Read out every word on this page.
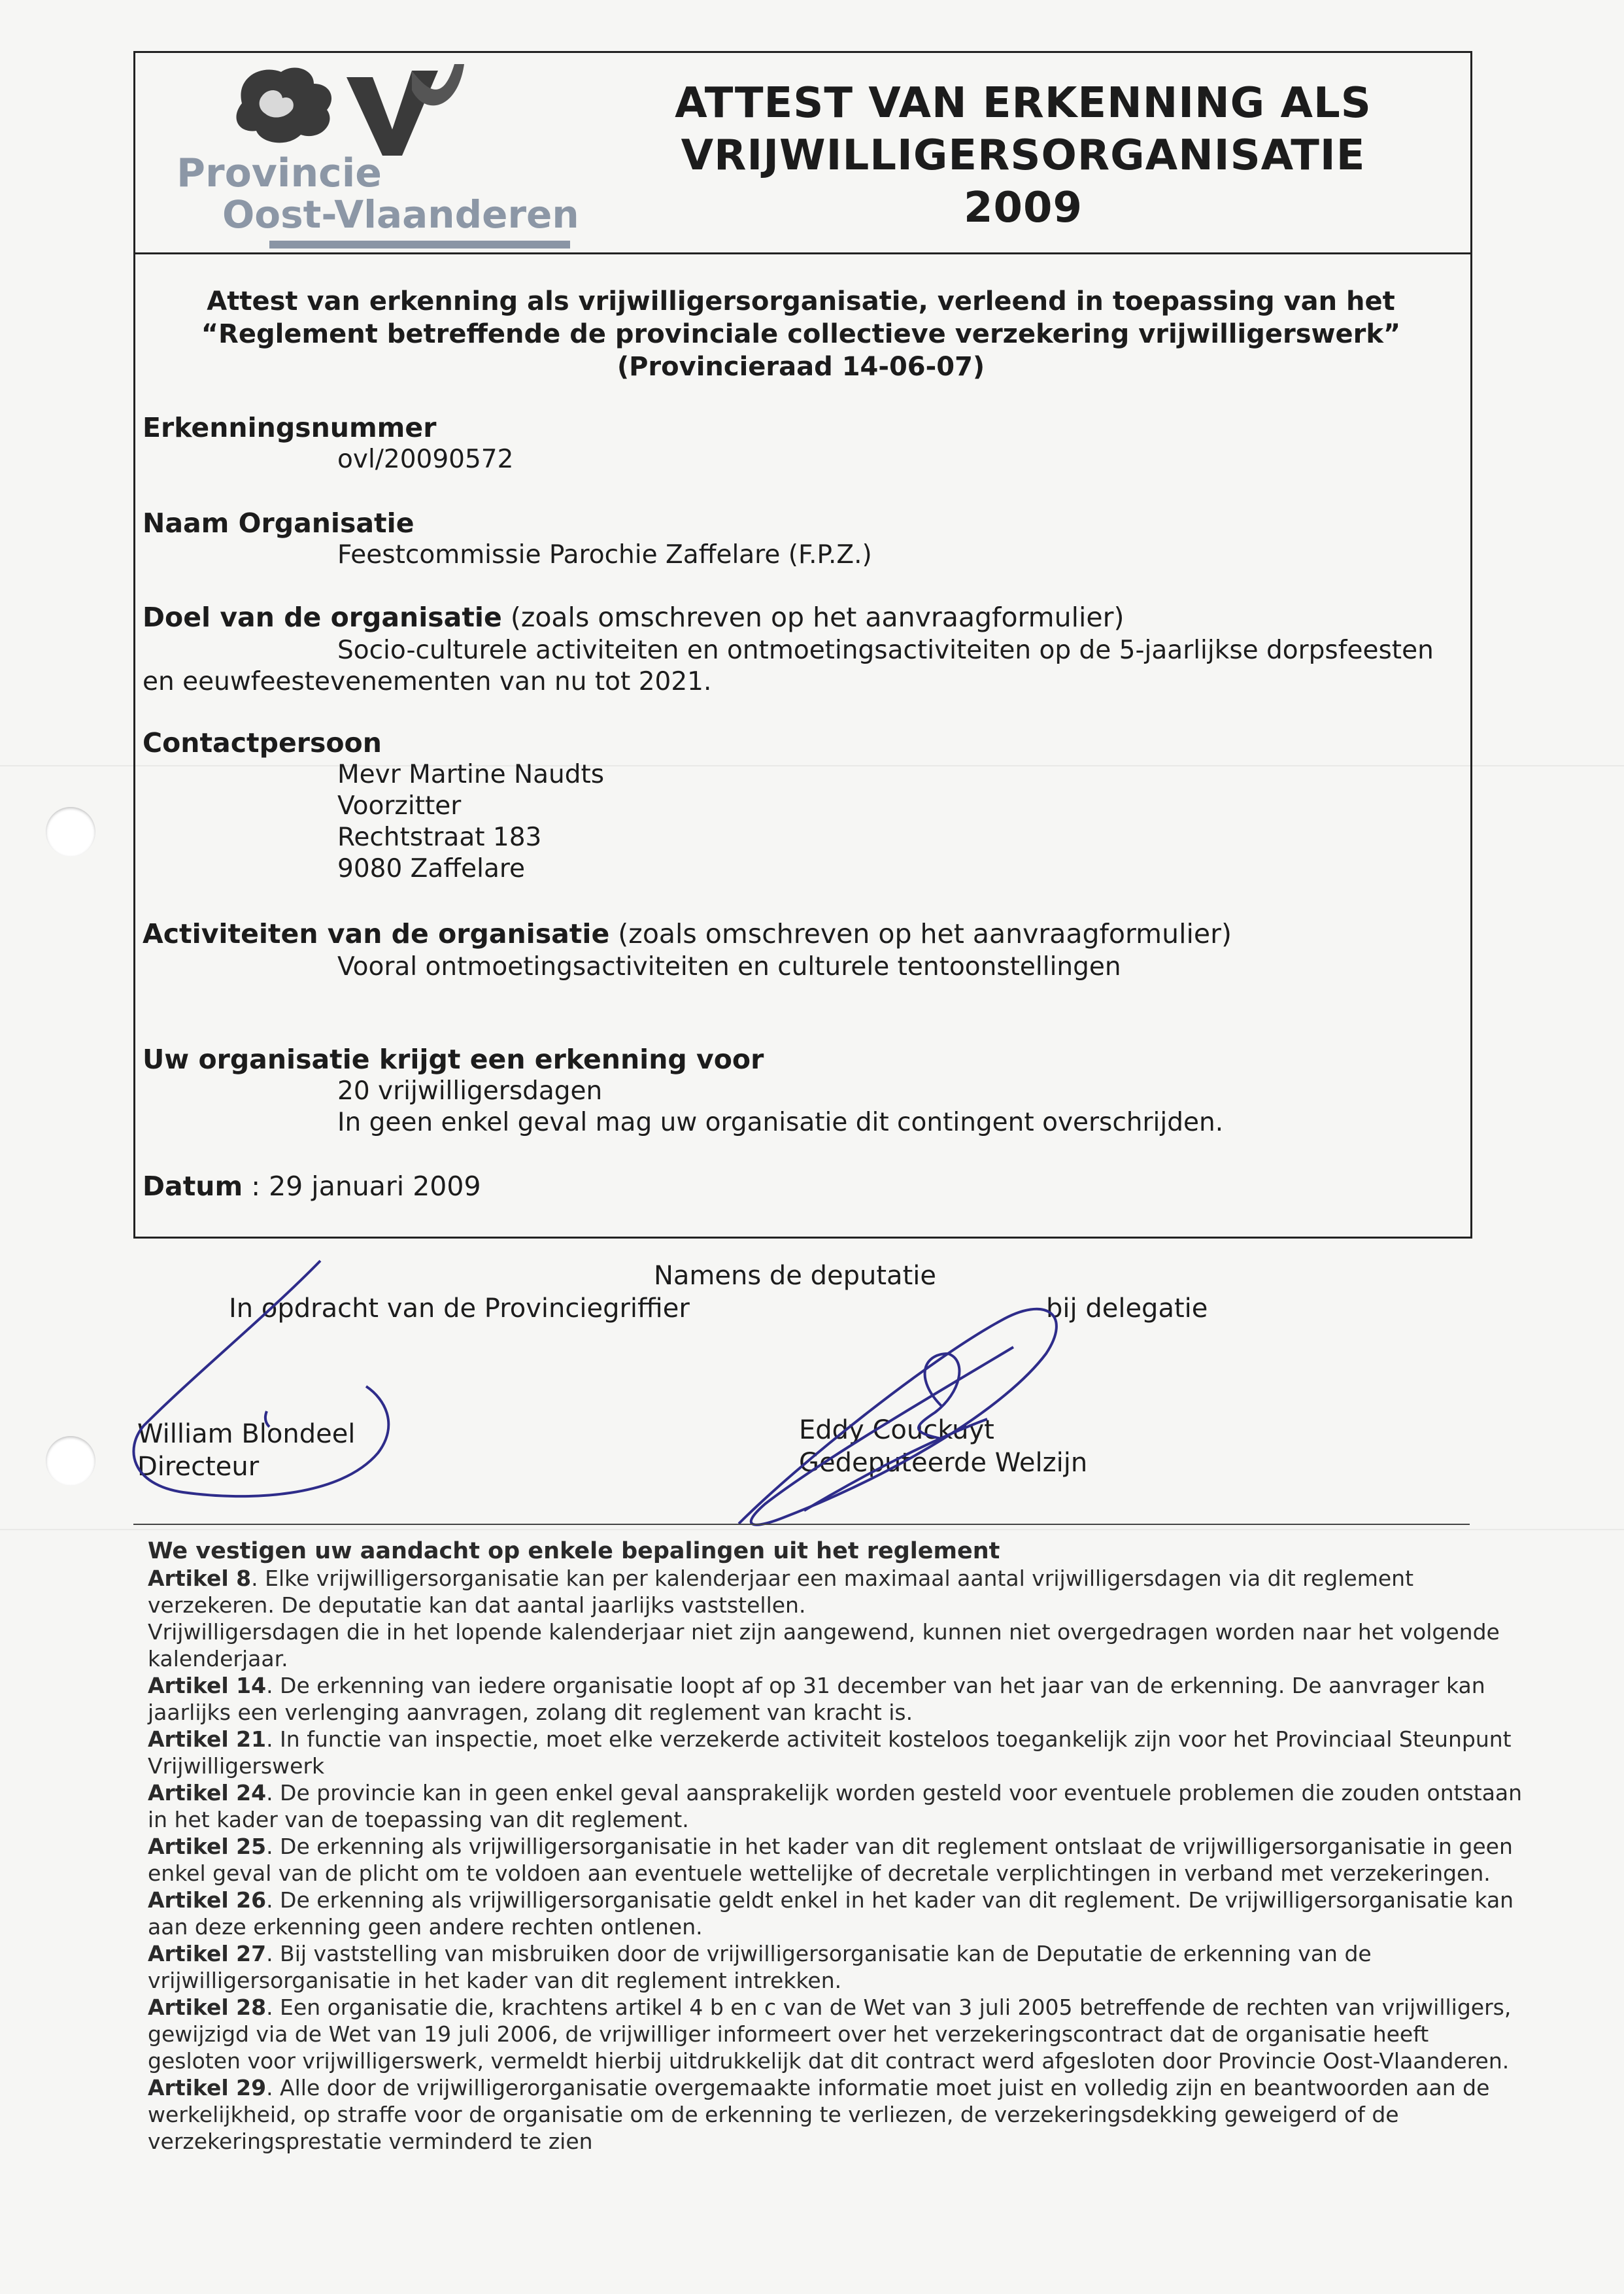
Provincie
Oost-Vlaanderen
ATTEST VAN ERKENNING ALS
VRIJWILLIGERSORGANISATIE
2009
Attest van erkenning als vrijwilligersorganisatie, verleend in toepassing van het
“Reglement betreffende de provinciale collectieve verzekering vrijwilligerswerk”
(Provincieraad 14-06-07)
Erkenningsnummer
ovl/20090572
Naam Organisatie
Feestcommissie Parochie Zaffelare (F.P.Z.)
Doel van de organisatie (zoals omschreven op het aanvraagformulier)
Socio-culturele activiteiten en ontmoetingsactiviteiten op de 5-jaarlijkse dorpsfeesten
en eeuwfeestevenementen van nu tot 2021.
Contactpersoon
Mevr Martine Naudts
Voorzitter
Rechtstraat 183
9080 Zaffelare
Activiteiten van de organisatie (zoals omschreven op het aanvraagformulier)
Vooral ontmoetingsactiviteiten en culturele tentoonstellingen
Uw organisatie krijgt een erkenning voor
20 vrijwilligersdagen
In geen enkel geval mag uw organisatie dit contingent overschrijden.
Datum : 29 januari 2009
Namens de deputatie
In opdracht van de Provinciegriffier	bij delegatie
William Blondeel
Directeur
Eddy Couckuyt
Gedeputeerde Welzijn
We vestigen uw aandacht op enkele bepalingen uit het reglement
Artikel 8. Elke vrijwilligersorganisatie kan per kalenderjaar een maximaal aantal vrijwilligersdagen via dit reglement
verzekeren. De deputatie kan dat aantal jaarlijks vaststellen.
Vrijwilligersdagen die in het lopende kalenderjaar niet zijn aangewend, kunnen niet overgedragen worden naar het volgende
kalenderjaar.
Artikel 14. De erkenning van iedere organisatie loopt af op 31 december van het jaar van de erkenning. De aanvrager kan
jaarlijks een verlenging aanvragen, zolang dit reglement van kracht is.
Artikel 21. In functie van inspectie, moet elke verzekerde activiteit kosteloos toegankelijk zijn voor het Provinciaal Steunpunt
Vrijwilligerswerk
Artikel 24. De provincie kan in geen enkel geval aansprakelijk worden gesteld voor eventuele problemen die zouden ontstaan
in het kader van de toepassing van dit reglement.
Artikel 25. De erkenning als vrijwilligersorganisatie in het kader van dit reglement ontslaat de vrijwilligersorganisatie in geen
enkel geval van de plicht om te voldoen aan eventuele wettelijke of decretale verplichtingen in verband met verzekeringen.
Artikel 26. De erkenning als vrijwilligersorganisatie geldt enkel in het kader van dit reglement. De vrijwilligersorganisatie kan
aan deze erkenning geen andere rechten ontlenen.
Artikel 27. Bij vaststelling van misbruiken door de vrijwilligersorganisatie kan de Deputatie de erkenning van de
vrijwilligersorganisatie in het kader van dit reglement intrekken.
Artikel 28. Een organisatie die, krachtens artikel 4 b en c van de Wet van 3 juli 2005 betreffende de rechten van vrijwilligers,
gewijzigd via de Wet van 19 juli 2006, de vrijwilliger informeert over het verzekeringscontract dat de organisatie heeft
gesloten voor vrijwilligerswerk, vermeldt hierbij uitdrukkelijk dat dit contract werd afgesloten door Provincie Oost-Vlaanderen.
Artikel 29. Alle door de vrijwilligerorganisatie overgemaakte informatie moet juist en volledig zijn en beantwoorden aan de
werkelijkheid, op straffe voor de organisatie om de erkenning te verliezen, de verzekeringsdekking geweigerd of de
verzekeringsprestatie verminderd te zien
